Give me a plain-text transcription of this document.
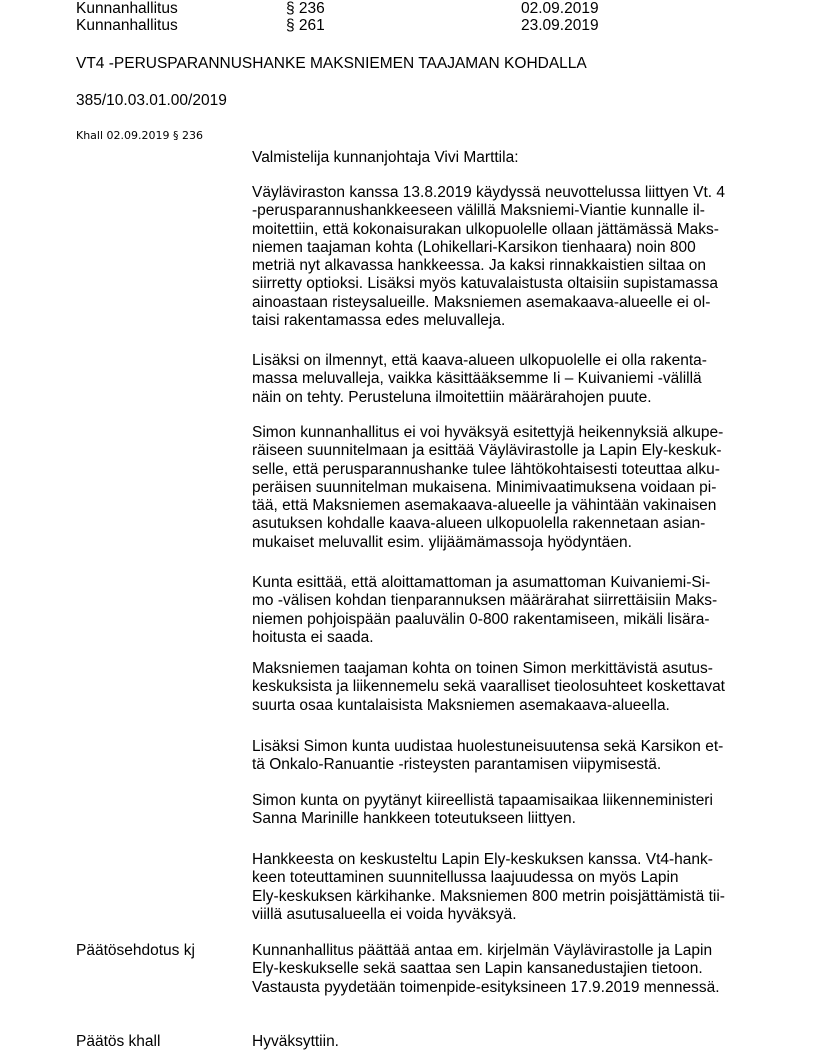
Kunnanhallitus	§ 236	02.09.2019
Kunnanhallitus	§ 261	23.09.2019
VT4 -PERUSPARANNUSHANKE MAKSNIEMEN TAAJAMAN KOHDALLA
385/10.03.01.00/2019
Khall 02.09.2019 § 236
Valmistelija kunnanjohtaja Vivi Marttila:
Väyläviraston kanssa 13.8.2019 käydyssä neuvottelussa liittyen Vt. 4
-perusparannushankkeeseen välillä Maksniemi-Viantie kunnalle il-
moitettiin, että kokonaisurakan ulkopuolelle ollaan jättämässä Maks-
niemen taajaman kohta (Lohikellari-Karsikon tienhaara) noin 800
metriä nyt alkavassa hankkeessa. Ja kaksi rinnakkaistien siltaa on
siirretty optioksi. Lisäksi myös katuvalaistusta oltaisiin supistamassa
ainoastaan risteysalueille. Maksniemen asemakaava-alueelle ei ol-
taisi rakentamassa edes meluvalleja.
Lisäksi on ilmennyt, että kaava-alueen ulkopuolelle ei olla rakenta-
massa meluvalleja, vaikka käsittääksemme Ii – Kuivaniemi -välillä
näin on tehty. Perusteluna ilmoitettiin määrärahojen puute.
Simon kunnanhallitus ei voi hyväksyä esitettyjä heikennyksiä alkupe-
räiseen suunnitelmaan ja esittää Väylävirastolle ja Lapin Ely-keskuk-
selle, että perusparannushanke tulee lähtökohtaisesti toteuttaa alku-
peräisen suunnitelman mukaisena. Minimivaatimuksena voidaan pi-
tää, että Maksniemen asemakaava-alueelle ja vähintään vakinaisen
asutuksen kohdalle kaava-alueen ulkopuolella rakennetaan asian-
mukaiset meluvallit esim. ylijäämämassoja hyödyntäen.
Kunta esittää, että aloittamattoman ja asumattoman Kuivaniemi-Si-
mo -välisen kohdan tienparannuksen määrärahat siirrettäisiin Maks-
niemen pohjoispään paaluvälin 0-800 rakentamiseen, mikäli lisära-
hoitusta ei saada.
Maksniemen taajaman kohta on toinen Simon merkittävistä asutus-
keskuksista ja liikennemelu sekä vaaralliset tieolosuhteet koskettavat
suurta osaa kuntalaisista Maksniemen asemakaava-alueella.
Lisäksi Simon kunta uudistaa huolestuneisuutensa sekä Karsikon et-
tä Onkalo-Ranuantie -risteysten parantamisen viipymisestä.
Simon kunta on pyytänyt kiireellistä tapaamisaikaa liikenneministeri
Sanna Marinille hankkeen toteutukseen liittyen.
Hankkeesta on keskusteltu Lapin Ely-keskuksen kanssa. Vt4-hank-
keen toteuttaminen suunnitellussa laajuudessa on myös Lapin
Ely-keskuksen kärkihanke. Maksniemen 800 metrin poisjättämistä tii-
viillä asutusalueella ei voida hyväksyä.
Päätösehdotus kj	Kunnanhallitus päättää antaa em. kirjelmän Väylävirastolle ja Lapin
Ely-keskukselle sekä saattaa sen Lapin kansanedustajien tietoon.
Vastausta pyydetään toimenpide-esityksineen 17.9.2019 mennessä.
Päätös khall	Hyväksyttiin.
